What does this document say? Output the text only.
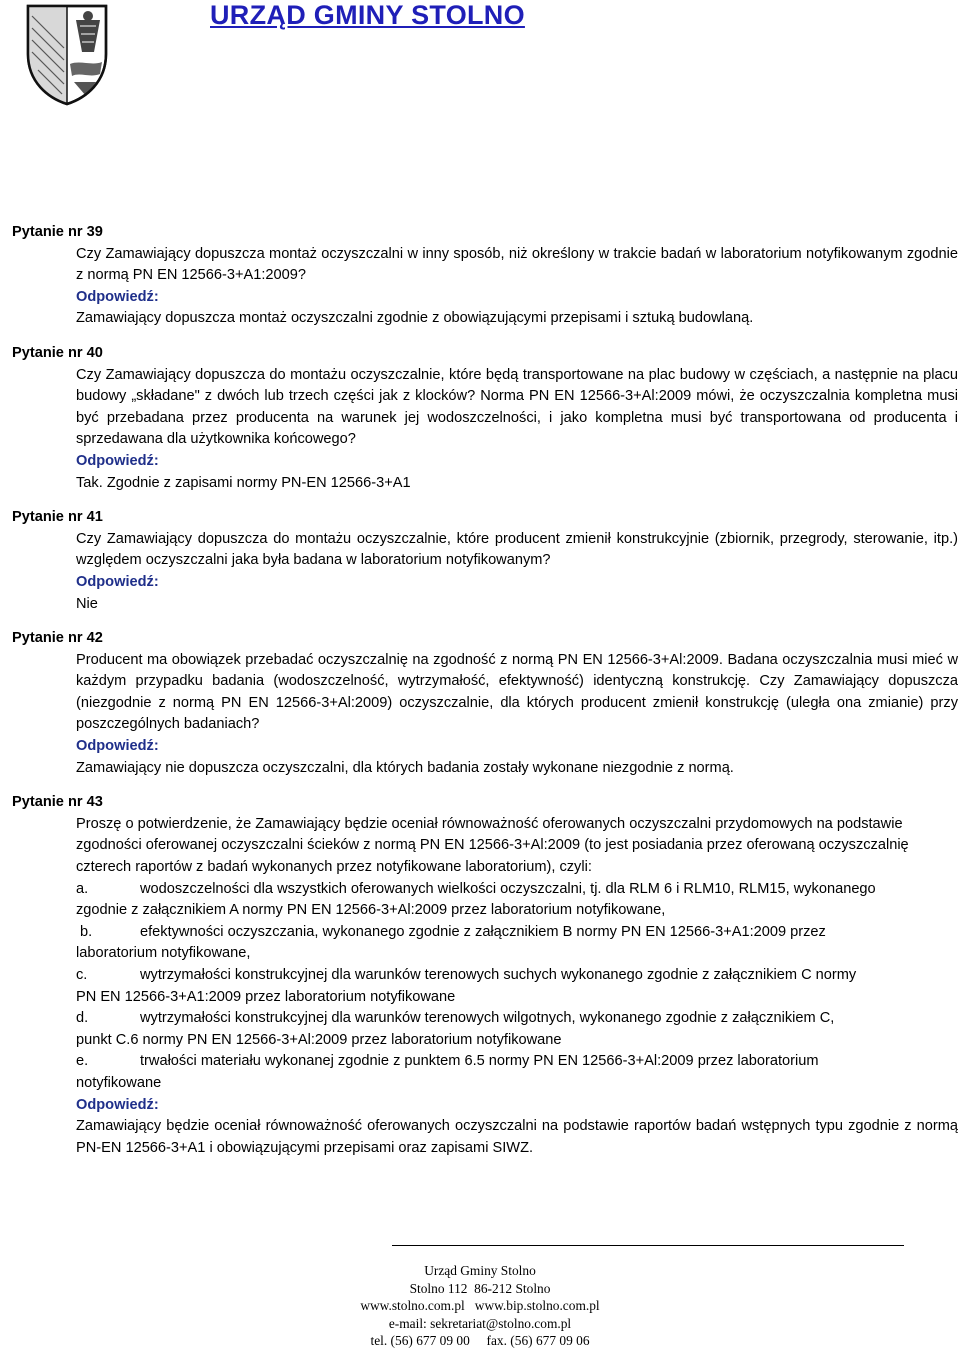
URZĄD GMINY STOLNO

Pytanie nr 39

Czy Zamawiający dopuszcza montaż oczyszczalni w inny sposób, niż określony w trakcie badań w laboratorium notyfikowanym zgodnie z normą PN EN 12566-3+A1:2009?

Odpowiedź:

Zamawiający dopuszcza montaż oczyszczalni zgodnie z obowiązującymi przepisami i sztuką budowlaną.

Pytanie nr 40

Czy Zamawiający dopuszcza do montażu oczyszczalnie, które będą transportowane na plac budowy w częściach, a następnie na placu budowy „składane" z dwóch lub trzech części jak z klocków? Norma PN EN 12566-3+Al:2009 mówi, że oczyszczalnia kompletna musi być przebadana przez producenta na warunek jej wodoszczelności, i jako kompletna musi być transportowana od producenta i sprzedawana dla użytkownika końcowego?

Odpowiedź:

Tak. Zgodnie z zapisami normy PN-EN 12566-3+A1

Pytanie nr 41

Czy Zamawiający dopuszcza do montażu oczyszczalnie, które producent zmienił konstrukcyjnie (zbiornik, przegrody, sterowanie, itp.) względem oczyszczalni jaka była badana w laboratorium notyfikowanym?

Odpowiedź:

Nie

Pytanie nr 42

Producent ma obowiązek przebadać oczyszczalnię na zgodność z normą PN EN 12566-3+Al:2009. Badana oczyszczalnia musi mieć w każdym przypadku badania (wodoszczelność, wytrzymałość, efektywność) identyczną konstrukcję. Czy Zamawiający dopuszcza (niezgodnie z normą PN EN 12566-3+Al:2009) oczyszczalnie, dla których producent zmienił konstrukcję (uległa ona zmianie) przy poszczególnych badaniach?

Odpowiedź:

Zamawiający nie dopuszcza oczyszczalni, dla których badania zostały wykonane niezgodnie z normą.

Pytanie nr 43

Proszę o potwierdzenie, że Zamawiający będzie oceniał równoważność oferowanych oczyszczalni przydomowych na podstawie zgodności oferowanej oczyszczalni ścieków z normą PN EN 12566-3+Al:2009 (to jest posiadania przez oferowaną oczyszczalnię czterech raportów z badań wykonanych przez notyfikowane laboratorium), czyli:

a.	wodoszczelności dla wszystkich oferowanych wielkości oczyszczalni, tj. dla RLM 6 i RLM10, RLM15, wykonanego

zgodnie z załącznikiem A normy PN EN 12566-3+Al:2009 przez laboratorium notyfikowane,

b.	efektywności oczyszczania, wykonanego zgodnie z załącznikiem B normy PN EN 12566-3+A1:2009 przez

laboratorium notyfikowane,

c.	wytrzymałości konstrukcyjnej dla warunków terenowych suchych wykonanego zgodnie z załącznikiem C normy

PN EN 12566-3+A1:2009 przez laboratorium notyfikowane

d.	wytrzymałości konstrukcyjnej dla warunków terenowych wilgotnych, wykonanego zgodnie z załącznikiem C,

punkt C.6 normy PN EN 12566-3+Al:2009 przez laboratorium notyfikowane

e.	trwałości materiału wykonanej zgodnie z punktem 6.5 normy PN EN 12566-3+Al:2009 przez laboratorium

notyfikowane

Odpowiedź:

Zamawiający będzie oceniał równoważność oferowanych oczyszczalni na podstawie raportów badań wstępnych typu zgodnie z normą PN-EN 12566-3+A1 i obowiązującymi przepisami oraz zapisami SIWZ.

Urząd Gminy Stolno
Stolno 112  86-212 Stolno
www.stolno.com.pl   www.bip.stolno.com.pl
e-mail: sekretariat@stolno.com.pl
tel. (56) 677 09 00     fax. (56) 677 09 06
